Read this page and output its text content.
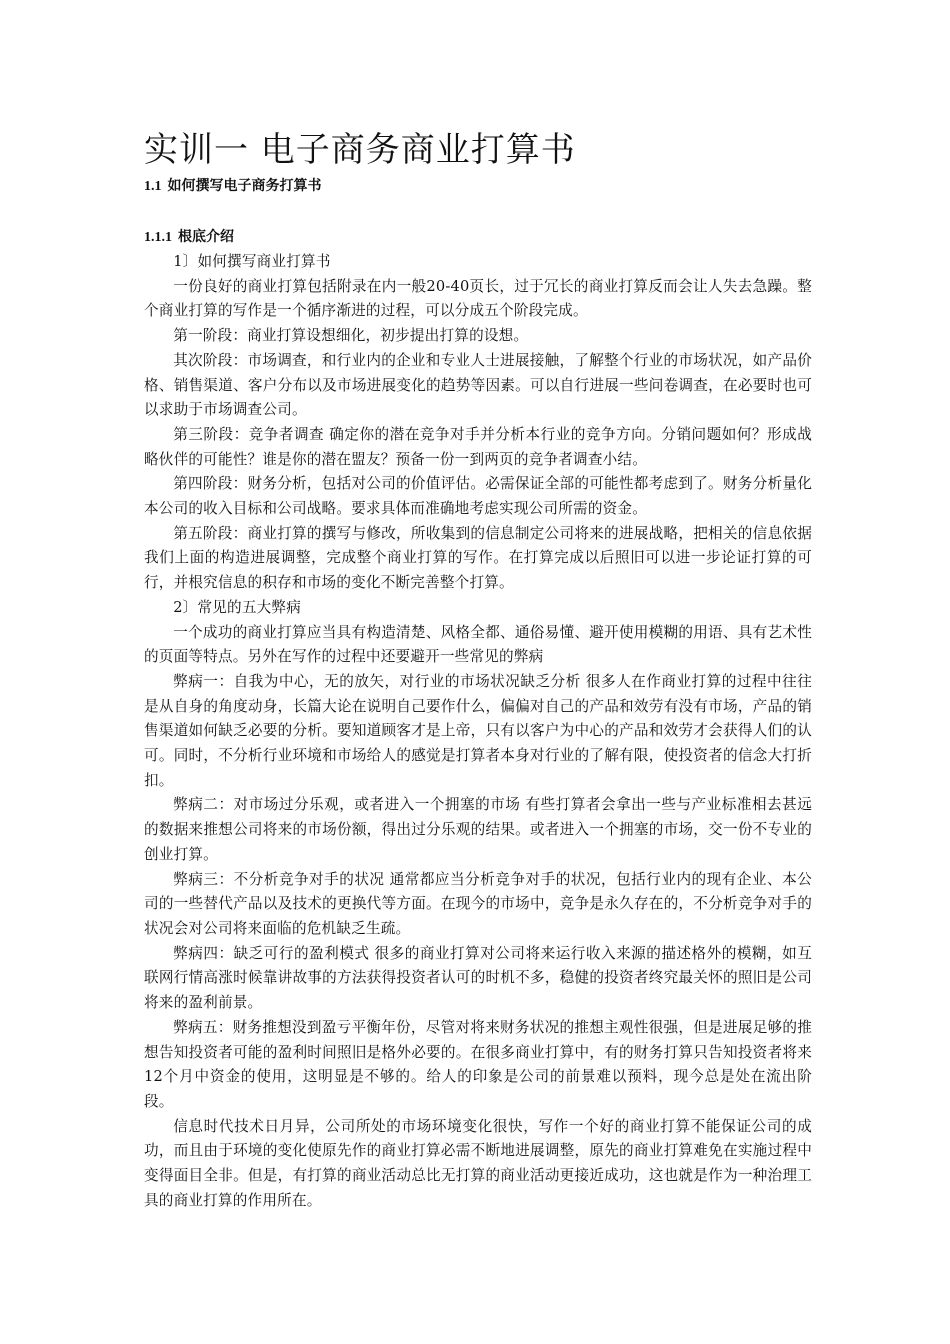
实训一 电子商务商业打算书
1.1 如何撰写电子商务打算书
1.1.1 根底介绍

1〕如何撰写商业打算书

一份良好的商业打算包括附录在内一般20-40页长，过于冗长的商业打算反而会让人失去急躁。整个商业打算的写作是一个循序渐进的过程，可以分成五个阶段完成。

第一阶段：商业打算设想细化，初步提出打算的设想。

其次阶段：市场调查，和行业内的企业和专业人士进展接触，了解整个行业的市场状况，如产品价格、销售渠道、客户分布以及市场进展变化的趋势等因素。可以自行进展一些问卷调查，在必要时也可以求助于市场调查公司。

第三阶段：竞争者调查 确定你的潜在竞争对手并分析本行业的竞争方向。分销问题如何？形成战略伙伴的可能性？谁是你的潜在盟友？预备一份一到两页的竞争者调查小结。

第四阶段：财务分析，包括对公司的价值评估。必需保证全部的可能性都考虑到了。财务分析量化本公司的收入目标和公司战略。要求具体而准确地考虑实现公司所需的资金。

第五阶段：商业打算的撰写与修改，所收集到的信息制定公司将来的进展战略，把相关的信息依据我们上面的构造进展调整，完成整个商业打算的写作。在打算完成以后照旧可以进一步论证打算的可行，并根究信息的积存和市场的变化不断完善整个打算。

2〕常见的五大弊病

一个成功的商业打算应当具有构造清楚、风格全都、通俗易懂、避开使用模糊的用语、具有艺术性的页面等特点。另外在写作的过程中还要避开一些常见的弊病

弊病一：自我为中心，无的放矢，对行业的市场状况缺乏分析 很多人在作商业打算的过程中往往是从自身的角度动身，长篇大论在说明自己要作什么，偏偏对自己的产品和效劳有没有市场，产品的销售渠道如何缺乏必要的分析。要知道顾客才是上帝，只有以客户为中心的产品和效劳才会获得人们的认可。同时，不分析行业环境和市场给人的感觉是打算者本身对行业的了解有限，使投资者的信念大打折扣。

弊病二：对市场过分乐观，或者进入一个拥塞的市场 有些打算者会拿出一些与产业标准相去甚远的数据来推想公司将来的市场份额，得出过分乐观的结果。或者进入一个拥塞的市场，交一份不专业的创业打算。

弊病三：不分析竞争对手的状况 通常都应当分析竞争对手的状况，包括行业内的现有企业、本公司的一些替代产品以及技术的更换代等方面。在现今的市场中，竞争是永久存在的，不分析竞争对手的状况会对公司将来面临的危机缺乏生疏。

弊病四：缺乏可行的盈利模式 很多的商业打算对公司将来运行收入来源的描述格外的模糊，如互联网行情高涨时候靠讲故事的方法获得投资者认可的时机不多，稳健的投资者终究最关怀的照旧是公司将来的盈利前景。

弊病五：财务推想没到盈亏平衡年份，尽管对将来财务状况的推想主观性很强，但是进展足够的推想告知投资者可能的盈利时间照旧是格外必要的。在很多商业打算中，有的财务打算只告知投资者将来12个月中资金的使用，这明显是不够的。给人的印象是公司的前景难以预料，现今总是处在流出阶段。

信息时代技术日月异，公司所处的市场环境变化很快，写作一个好的商业打算不能保证公司的成功，而且由于环境的变化使原先作的商业打算必需不断地进展调整，原先的商业打算难免在实施过程中变得面目全非。但是，有打算的商业活动总比无打算的商业活动更接近成功，这也就是作为一种治理工具的商业打算的作用所在。
